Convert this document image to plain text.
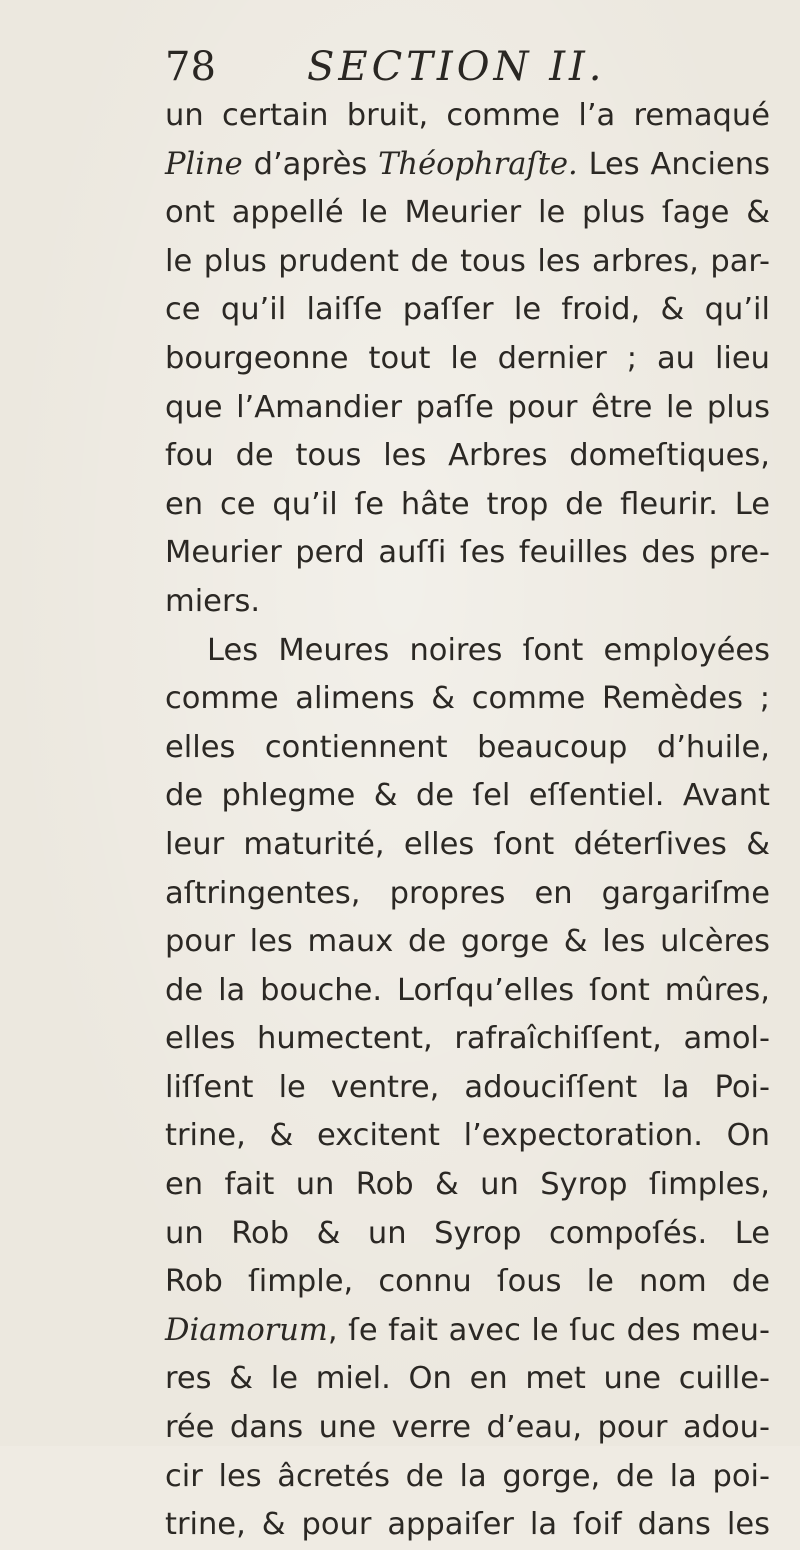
78 SECTION II.
un certain bruit, comme l’a remaqué
Pline d’après Théophraſte. Les Anciens
ont appellé le Meurier le plus ſage &
le plus prudent de tous les arbres, par-
ce qu’il laiſſe paſſer le froid, & qu’il
bourgeonne tout le dernier ; au lieu
que l’Amandier paſſe pour être le plus
fou de tous les Arbres domeſtiques,
en ce qu’il ſe hâte trop de fleurir. Le
Meurier perd auſſi ſes feuilles des pre-
miers.
Les Meures noires ſont employées
comme alimens & comme Remèdes ;
elles contiennent beaucoup d’huile,
de phlegme & de ſel eſſentiel. Avant
leur maturité, elles ſont déterſives &
aſtringentes, propres en gargariſme
pour les maux de gorge & les ulcères
de la bouche. Lorſqu’elles ſont mûres,
elles humectent, rafraîchiſſent, amol-
liſſent le ventre, adouciſſent la Poi-
trine, & excitent l’expectoration. On
en fait un Rob & un Syrop ſimples,
un Rob & un Syrop compoſés. Le
Rob ſimple, connu ſous le nom de
Diamorum, ſe fait avec le ſuc des meu-
res & le miel. On en met une cuille-
rée dans une verre d’eau, pour adou-
cir les âcretés de la gorge, de la poi-
trine, & pour appaiſer la ſoif dans les
